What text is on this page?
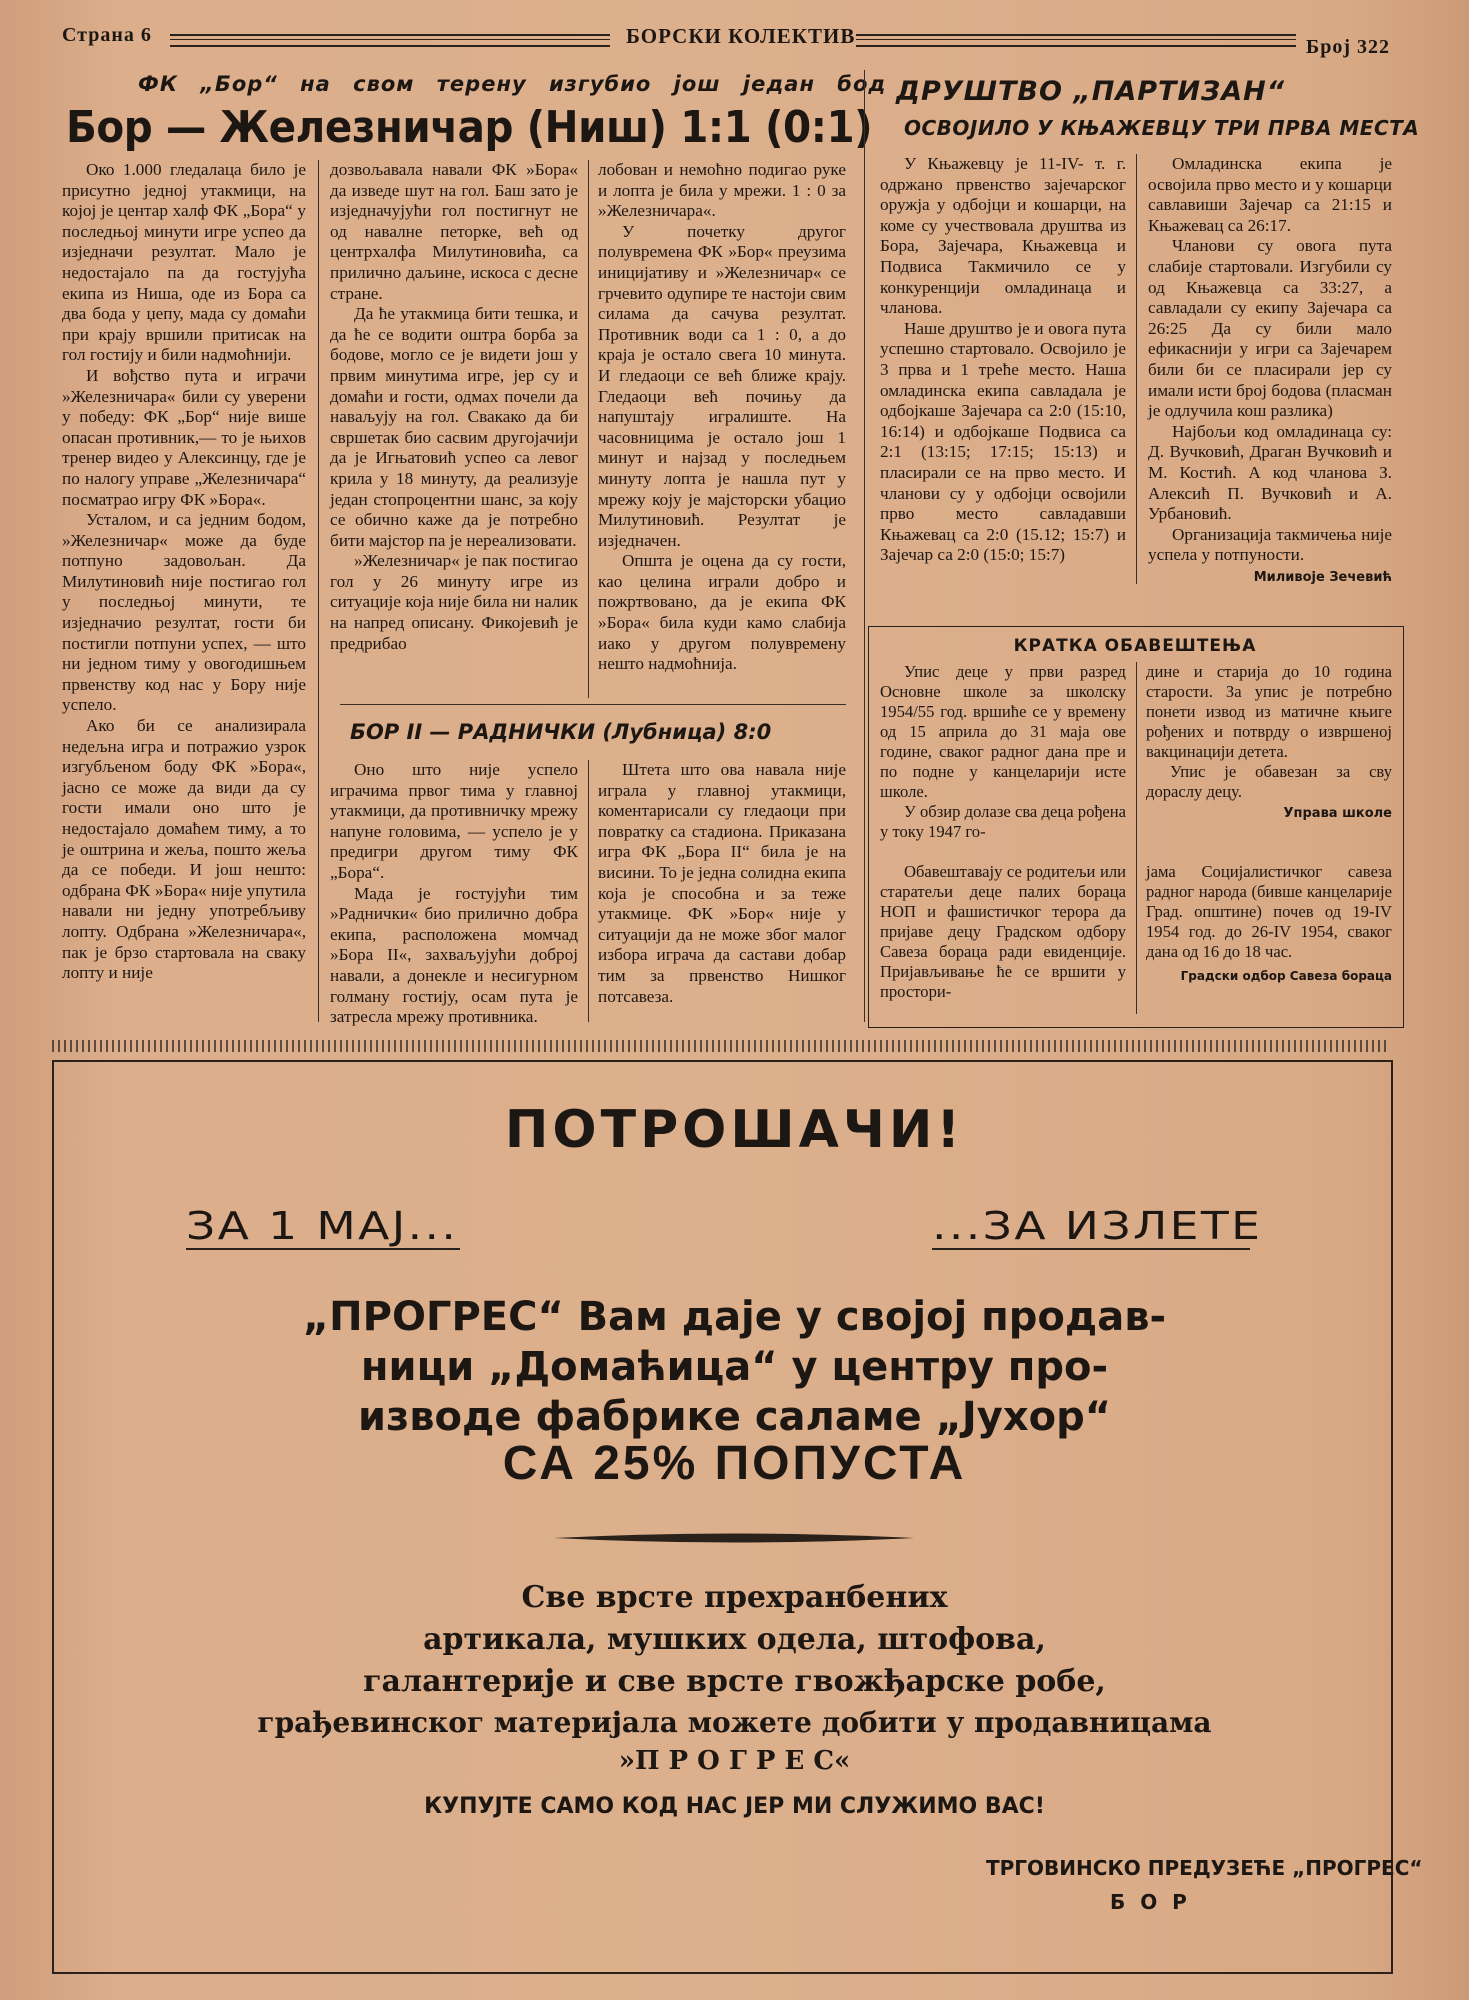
Страна 6	БОРСКИ КОЛЕКТИВ	Број 322
ФК „Бор“ на свом терену изгубио још један бод
Бор — Железничар (Ниш) 1:1 (0:1)

Око 1.000 гледалаца било је присутно једној утакмици, на којој је центар халф ФК „Бора“ у последњој минути игре успео да изједначи резултат. Мало је недостајало па да гостујућа екипа из Ниша, оде из Бора са два бода у џепу, мада су домаћи при крају вршили притисак на гол гостију и били надмоћнији.

И вођство пута и играчи »Железничара« били су уверени у победу: ФК „Бор“ није више опасан противник,— то је њихов тренер видео у Алексинцу, где је по налогу управе „Железничара“ посматрао игру ФК »Бора«.

Усталом, и са једним бодом, »Железничар« може да буде потпуно задовољан. Да Милутиновић није постигао гол у последњој минути, те изједначио резултат, гости би постигли потпуни успех, — што ни једном тиму у овогодишњем првенству код нас у Бору није успело.

Ако би се анализирала недељна игра и потражио узрок изгубљеном боду ФК »Бора«, јасно се може да види да су гости имали оно што је недостајало домаћем тиму, а то је оштрина и жеља, пошто жеља да се победи. И још нешто: одбрана ФК »Бора« није упутила навали ни једну употребљиву лопту. Одбрана »Железничара«, пак је брзо стартовала на сваку лопту и није

дозвољавала навали ФК »Бора« да изведе шут на гол. Баш зато је изједначујући гол постигнут не од навалне петорке, већ од центрхалфа Милутиновића, са прилично даљине, искоса с десне стране.

Да ће утакмица бити тешка, и да ће се водити оштра борба за бодове, могло се је видети још у првим минутима игре, јер су и домаћи и гости, одмах почели да навaљују на гол. Свакако да би свршетак био сасвим другојачији да је Игњатовић успео са левог крила у 18 минуту, да реализује један стопроцентни шанс, за коју се обично каже да је потребно бити мајстор па је нереализовати.

»Железничар« је пак постигао гол у 26 минуту игре из ситуације која није била ни налик на напред описану. Фикојевић је предрибао

лобован и немоћно подигао руке и лопта је била у мрежи. 1 : 0 за »Железничара«.

У почетку другог полувремена ФК »Бор« преузима иницијативу и »Железничар« се грчевито одупире те настоји свим силама да сачува резултат. Противник води са 1 : 0, а до краја је остало свега 10 минута. И гледаоци се већ ближе крају. Гледаоци већ почињу да напуштају игралиште. На часовницима је остало још 1 минут и најзад у последњем минуту лопта је нашла пут у мрежу коју је мајсторски убацио Милутиновић. Резултат је изједначен.

Општа је оцена да су гости, као целина играли добро и пожртвовано, да је екипа ФК »Бора« била куди камо слабија иако у другом полувремену нешто надмоћнија.

БОР II — РАДНИЧКИ (Лубница) 8:0

Оно што није успело играчима првог тима у главној утакмици, да противничку мрежу напуне головима, — успело је у предигри другом тиму ФК „Бора“.

Мада је гостујући тим »Раднички« био прилично добра екипа, расположена момчад »Бора II«, захваљујући доброј навали, а донекле и несигурном голману гостију, осам пута је затресла мрежу противника.

Штета што ова навала није играла у главној утакмици, коментарисали су гледаоци при повратку са стадиона. Приказана игра ФК „Бора II“ била је на висини. То је једна солидна екипа која је способна и за теже утакмице. ФК »Бор« није у ситуацији да не може због малог избора играча да састави добар тим за првенство Нишког потсавеза.

ДРУШТВО „ПАРТИЗАН“
ОСВОЈИЛО У КЊАЖЕВЦУ ТРИ ПРВА МЕСТА

У Књажевцу је 11-IV- т. г. одржано првенство зајечарског оружја у одбојци и кошарци, на коме су учествовала друштва из Бора, Зајечара, Књажевца и Подвиса Такмичило се у конкуренцији омладинаца и чланова.

Наше друштво је и овога пута успешно стартовало. Освојило је 3 прва и 1 треће место. Наша омладинска екипа савладала је одбојкаше Зајечара са 2:0 (15:10, 16:14) и одбојкаше Подвиса са 2:1 (13:15; 17:15; 15:13) и пласирали се на прво место. И чланови су у одбојци освојили прво место савладавши Књажевац са 2:0 (15.12; 15:7) и Зајечар са 2:0 (15:0; 15:7)

Омладинска екипа је освојила прво место и у кошарци савлавиши Зајечар са 21:15 и Књажевац са 26:17.

Чланови су овога пута слабије стартовали. Изгубили су од Књажевца са 33:27, а савладали су екипу Зајечара са 26:25 Да су били мало ефикаснији у игри са Зајечарем били би се пласирали јер су имали исти број бодова (пласман је одлучила кош разлика)

Најбољи код омладинаца су: Д. Вучковић, Драган Вучковић и М. Костић. А код чланова З. Алексић П. Вучковић и А. Урбановић.

Организација такмичења није успела у потпуности.

Миливоје Зечевић
КРАТКА ОБАВЕШТЕЊА

Упис деце у први разред Основне школе за школску 1954/55 год. вршиће се у времену од 15 априла до 31 маја ове године, сваког радног дана пре и по подне у канцеларији исте школе.

У обзир долазе сва деца рођена у току 1947 го-

дине и старија до 10 година старости. За упис је потребно понети извод из матичне књиге рођених и потврду о извршеној вакцинацији детета.

Упис је обавезан за сву дораслу децу.

Управа школе

Обавештавају се родитељи или старатељи деце палих бораца НОП и фашистичког терора да пријаве децу Градском одбору Савеза бораца ради евиденције. Пријављивање ће се вршити у простори-

јама Социјалистичког савеза радног народа (бивше канцеларије Град. општине) почев од 19-IV 1954 год. до 26-IV 1954, сваког дана од 16 до 18 час.

Градски одбор Савеза бораца
ПОТРОШАЧИ!
ЗА 1 МАЈ...	...ЗА ИЗЛЕТЕ
„ПРОГРЕС“ Вам даје у својој продав-
ници „Домаћица“ у центру про-
изводе фабрике саламе „Јухор“
СА 25% ПОПУСТА
Све врсте прехранбених
артикала, мушких одела, штофова,
галантерије и све врсте гвожђарске робе,
грађевинског материјала можете добити у продавницама
»П Р О Г Р Е С«
КУПУЈТЕ САМО КОД НАС ЈЕР МИ СЛУЖИМО ВАС!
ТРГОВИНСКО ПРЕДУЗЕЋЕ „ПРОГРЕС“
Б О Р
